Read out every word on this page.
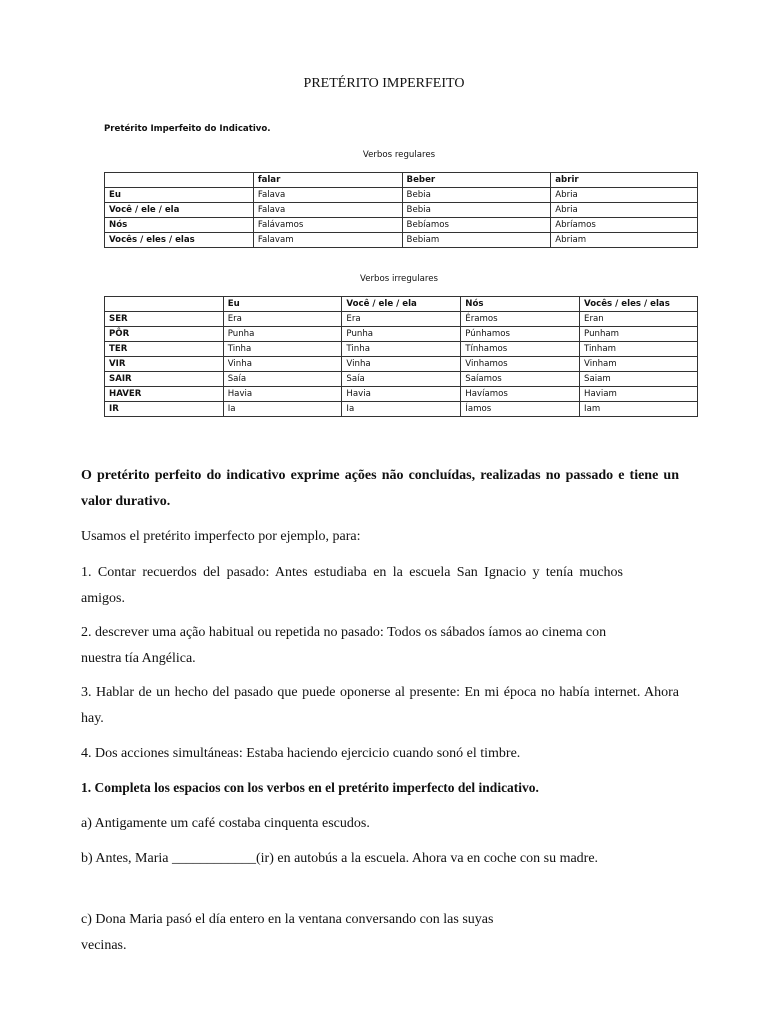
PRETÉRITO IMPERFEITO
Pretérito Imperfeito do Indicativo.
Verbos regulares
	falar	Beber	abrir
Eu	Falava	Bebia	Abria
Você / ele / ela	Falava	Bebia	Abria
Nós	Falávamos	Bebíamos	Abríamos
Vocês / eles / elas	Falavam	Bebiam	Abriam
Verbos irregulares
	Eu	Você / ele / ela	Nós	Vocês / eles / elas
SER	Era	Era	Éramos	Eran
PÔR	Punha	Punha	Púnhamos	Punham
TER	Tinha	Tinha	Tínhamos	Tinham
VIR	Vinha	Vinha	Vinhamos	Vinham
SAIR	Saía	Saía	Saíamos	Saiam
HAVER	Havia	Havia	Havíamos	Haviam
IR	Ia	Ia	Íamos	Iam

O pretérito perfeito do indicativo exprime ações não concluídas, realizadas no passado e tiene un valor durativo.

Usamos el pretérito imperfecto por ejemplo, para:

1. Contar recuerdos del pasado: Antes estudiaba en la escuela San Ignacio y tenía muchos amigos.

2. descrever uma ação habitual ou repetida no pasado: Todos os sábados íamos ao cinema con nuestra tía Angélica.

3. Hablar de un hecho del pasado que puede oponerse al presente: En mi época no había internet. Ahora hay.

4. Dos acciones simultáneas: Estaba haciendo ejercicio cuando sonó el timbre.

1. Completa los espacios con los verbos en el pretérito imperfecto del indicativo.

a) Antigamente um café costaba cinquenta escudos.

b) Antes, Maria ____________(ir) en autobús a la escuela. Ahora va en coche con su madre.

c) Dona Maria pasó el día entero en la ventana conversando con las suyas vecinas.
